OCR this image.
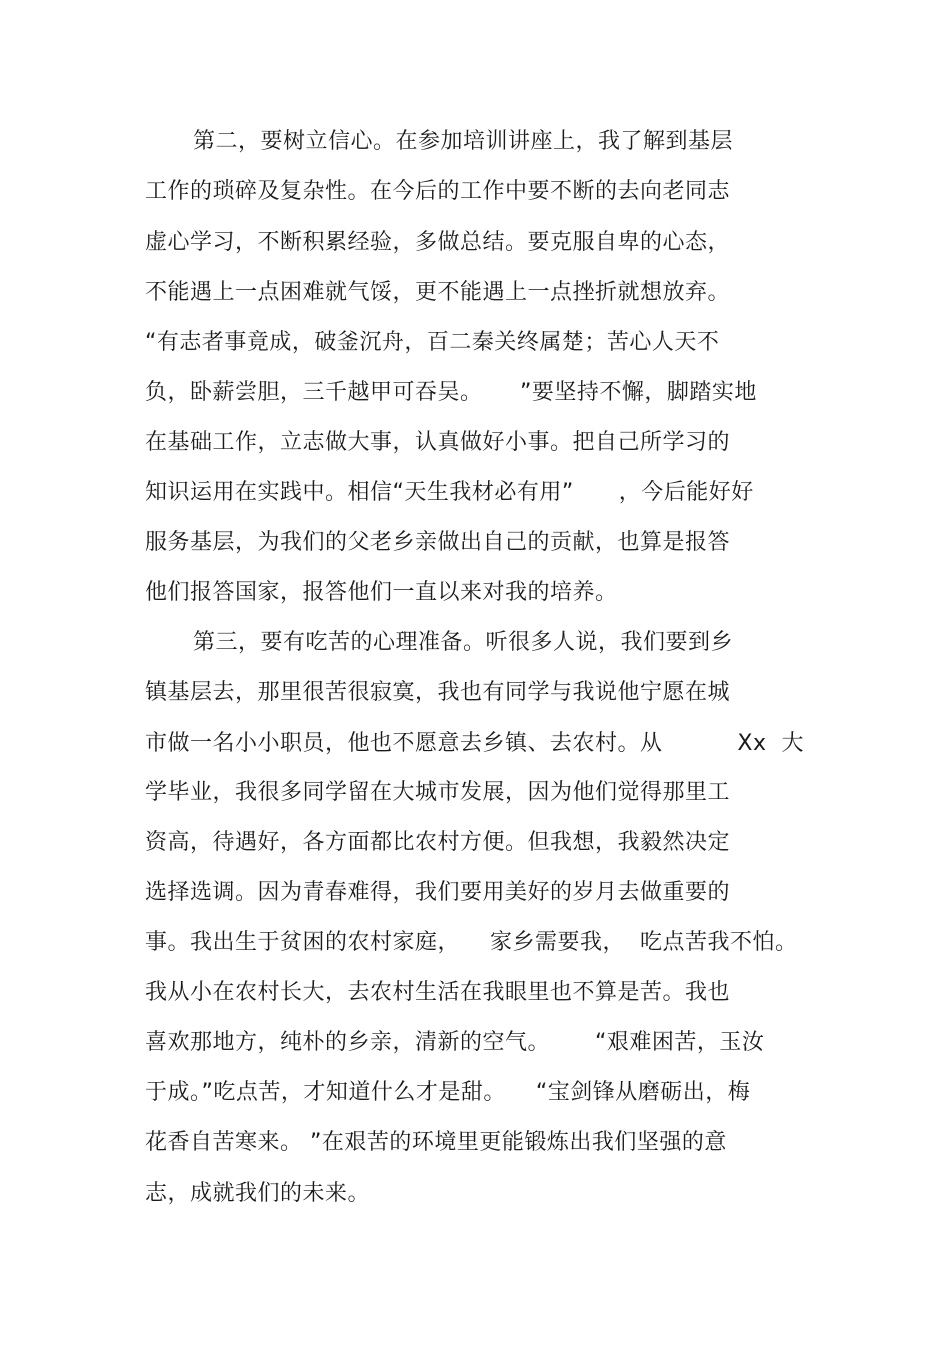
第二，要树立信心。在参加培训讲座上，我了解到基层
工作的琐碎及复杂性。在今后的工作中要不断的去向老同志
虚心学习，不断积累经验，多做总结。要克服自卑的心态，
不能遇上一点困难就气馁，更不能遇上一点挫折就想放弃。
“有志者事竟成，破釜沉舟，百二秦关终属楚；苦心人天不
负，卧薪尝胆，三千越甲可吞吴。     ”要坚持不懈，脚踏实地
在基础工作，立志做大事，认真做好小事。把自己所学习的
知识运用在实践中。相信“天生我材必有用”      ，今后能好好
服务基层，为我们的父老乡亲做出自己的贡献，也算是报答
他们报答国家，报答他们一直以来对我的培养。
第三，要有吃苦的心理准备。听很多人说，我们要到乡
镇基层去，那里很苦很寂寞，我也有同学与我说他宁愿在城
市做一名小小职员，他也不愿意去乡镇、去农村。从          Xx  大
学毕业，我很多同学留在大城市发展，因为他们觉得那里工
资高，待遇好，各方面都比农村方便。但我想，我毅然决定
选择选调。因为青春难得，我们要用美好的岁月去做重要的
事。我出生于贫困的农村家庭，    家乡需要我，  吃点苦我不怕。
我从小在农村长大，去农村生活在我眼里也不算是苦。我也
喜欢那地方，纯朴的乡亲，清新的空气。      “艰难困苦，玉汝
于成。”吃点苦，才知道什么才是甜。    “宝剑锋从磨砺出，梅
花香自苦寒来。 ”在艰苦的环境里更能锻炼出我们坚强的意
志，成就我们的未来。
